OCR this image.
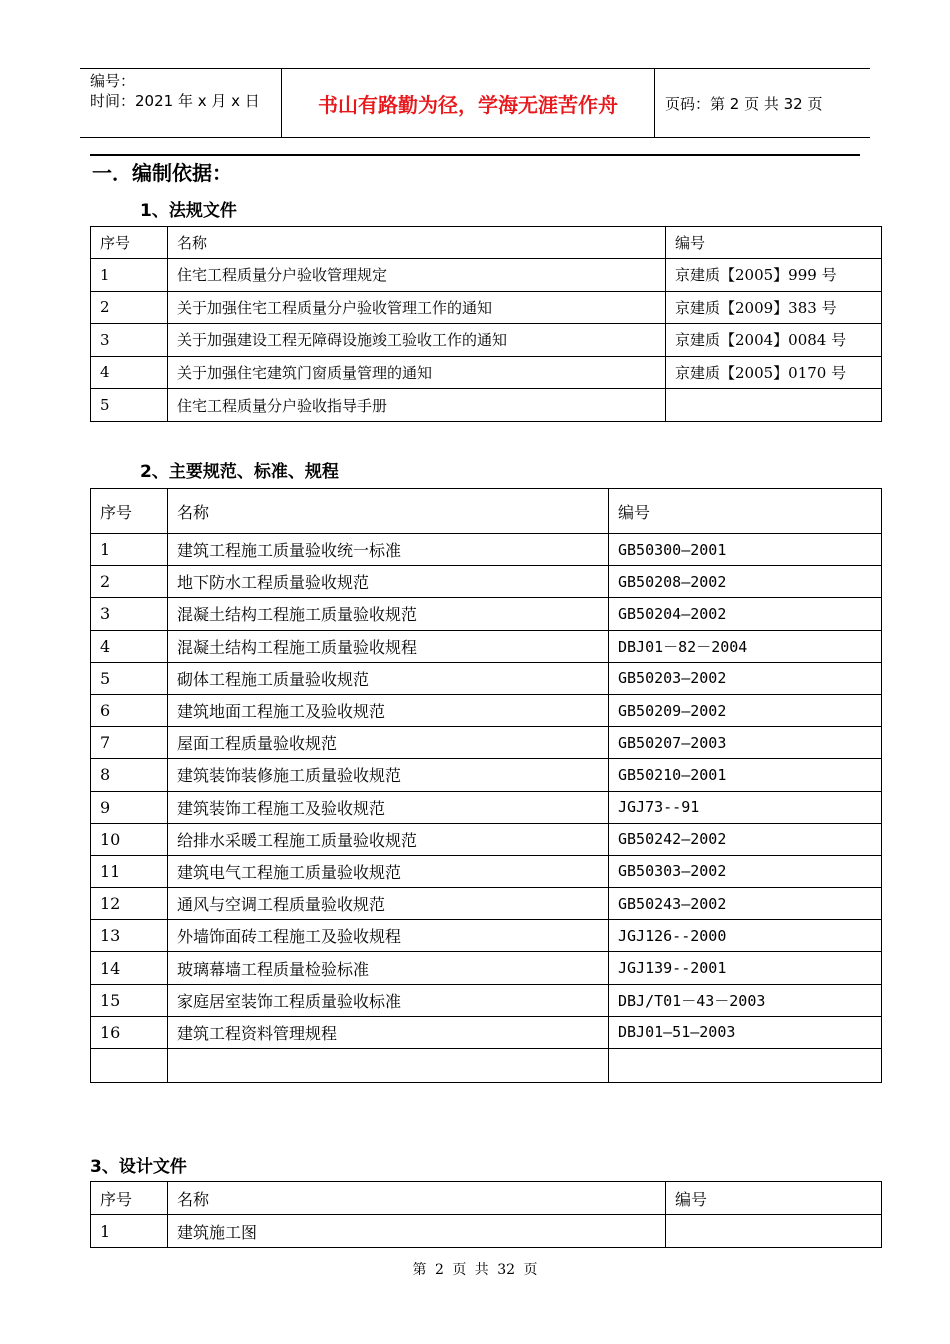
编号：
时间：2021 年 x 月 x 日	书山有路勤为径，学海无涯苦作舟	页码：第 2 页 共 32 页
一．编制依据：
1、法规文件
序号	名称	编号
1	住宅工程质量分户验收管理规定	京建质【2005】999 号
2	关于加强住宅工程质量分户验收管理工作的通知	京建质【2009】383 号
3	关于加强建设工程无障碍设施竣工验收工作的通知	京建质【2004】0084 号
4	关于加强住宅建筑门窗质量管理的通知	京建质【2005】0170 号
5	住宅工程质量分户验收指导手册	
2、主要规范、标准、规程
序号	名称	编号
1	建筑工程施工质量验收统一标准	GB50300—2001
2	地下防水工程质量验收规范	GB50208—2002
3	混凝土结构工程施工质量验收规范	GB50204—2002
4	混凝土结构工程施工质量验收规程	DBJ01－82－2004
5	砌体工程施工质量验收规范	GB50203—2002
6	建筑地面工程施工及验收规范	GB50209—2002
7	屋面工程质量验收规范	GB50207—2003
8	建筑装饰装修施工质量验收规范	GB50210—2001
9	建筑装饰工程施工及验收规范	JGJ73--91
10	给排水采暖工程施工质量验收规范	GB50242—2002
11	建筑电气工程施工质量验收规范	GB50303—2002
12	通风与空调工程质量验收规范	GB50243—2002
13	外墙饰面砖工程施工及验收规程	JGJ126--2000
14	玻璃幕墙工程质量检验标准	JGJ139--2001
15	家庭居室装饰工程质量验收标准	DBJ/T01－43－2003
16	建筑工程资料管理规程	DBJ01—51—2003

3、设计文件
序号	名称	编号
1	建筑施工图	
第 2 页 共 32 页
